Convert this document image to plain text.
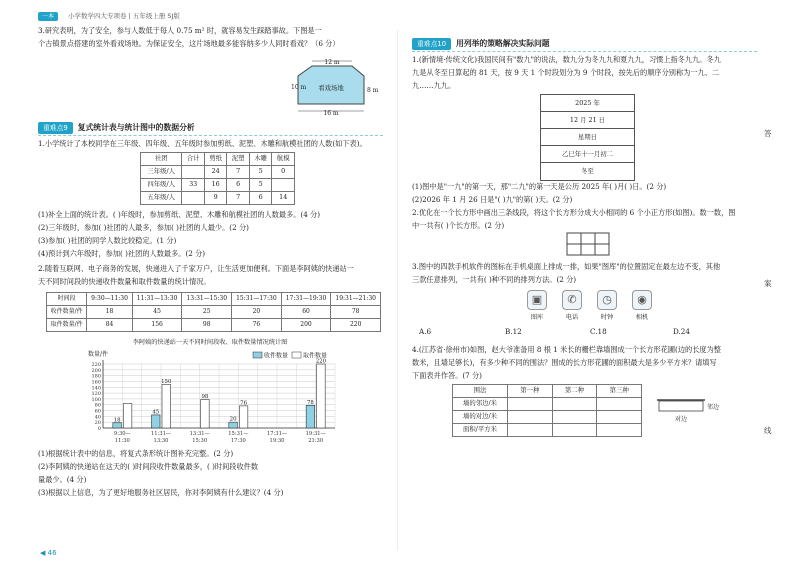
一本	小学数学四大专项卷 | 五年级上册 SJ版
3.研究表明，为了安全，参与人数低于每人 0.75 m² 时，就容易发生踩踏事故。下图是一
个古镇景点搭建的室外看戏场地。为保证安全，这片场地最多能容纳多少人同时看戏？（6 分）
12 m
10 m	8 m
16 m
看戏场地
重难点9	复式统计表与统计图中的数据分析
1.小学统计了本校同学在三年级、四年级、五年级时参加剪纸、泥塑、木雕和航模社团的人数(如下表)。
社团	合计	剪纸	泥塑	木雕	航模
三年级/人		24	7	5	0
四年级/人	33	16	6	5	
五年级/人		9	7	6	14
(1)补全上面的统计表。( )年级时，参加剪纸、泥塑、木雕和航模社团的人数最多。(4 分)
(2)三年级时，参加( )社团的人最多，参加( )社团的人最少。(2 分)
(3)参加( )社团的同学人数比较稳定。(1 分)
(4)预计到六年级时，参加( )社团的人数最多。(2 分)
2.随着互联网、电子商务的发展，快递进入了千家万户，让生活更加便利。下面是李阿姨的快递站一
天不同时间段的快递收件数量和取件数量的统计情况。
时间段	9:30—11:30	11:31—13:30	13:31—15:30	15:31—17:30	17:31—19:30	19:31—21:30
收件数量/件	18	45	25	20	60	78
取件数量/件	84	156	98	76	200	220
李阿姨的快递站一天不同时间段收、取件数量情况统计图
数量/件
18
45
20
78
150
98
76
220
9:30—
11:30
11:31—
13:30
13:31—
15:30
15:31—
17:30
17:31—
19:30
19:31—
21:30
0
20
40
60
80
100
120
140
160
180
200
220
收件数量 取件数量
(1)根据统计表中的信息，将复式条形统计图补充完整。(2 分)
(2)李阿姨的快递站在这天的( )时间段收件数量最多，( )时间段收件数
量最少。(4 分)
(3)根据以上信息，为了更好地服务社区居民，你对李阿姨有什么建议？(4 分)
◀ 46
重难点10	用列举的策略解决实际问题
1.(新情境·传统文化)我国民间有"数九"的说法，数九分为冬九九和夏九九，习惯上指冬九九。冬九
九是从冬至日算起的 81 天，按 9 天 1 个时段划分为 9 个时段，按先后的顺序分别称为一九、二
九……九九。
2025 年
12 月 21 日
星期日
乙巳年十一月初二
冬至
(1)图中是"一九"的第一天，那"二九"的第一天是公历 2025 年( )月( )日。(2 分)
(2)2026 年 1 月 26 日是"( )九"的第( )天。(2 分)
2.优化在一个长方形中画出三条线段，将这个长方形分成大小相同的 6 个小正方形(如图)。数一数，图
中一共有( )个长方形。(2 分)
3.图中的四款手机软件的图标在手机桌面上排成一排，如果"图库"的位置固定在最左边不变，其他
三款任意排列，一共有( )种不同的排列方法。(2 分)
▣	✆	◷	◉
图库	电话	时钟	相机
A.6	B.12	C.18	D.24
4.(江苏省·徐州市)如图，赵大爷准备用 8 根 1 米长的栅栏靠墙围成一个长方形花圃(边的长度为整
数米，且墙足够长)，有多少种不同的围法？围成的长方形花圃的面积最大是多少平方米？请填写
下面表并作答。(7 分)
围法	第一种	第二种	第三种
墙的邻边/米			
墙的对边/米			
面积/平方米			
邻边
对边
答
案
线
